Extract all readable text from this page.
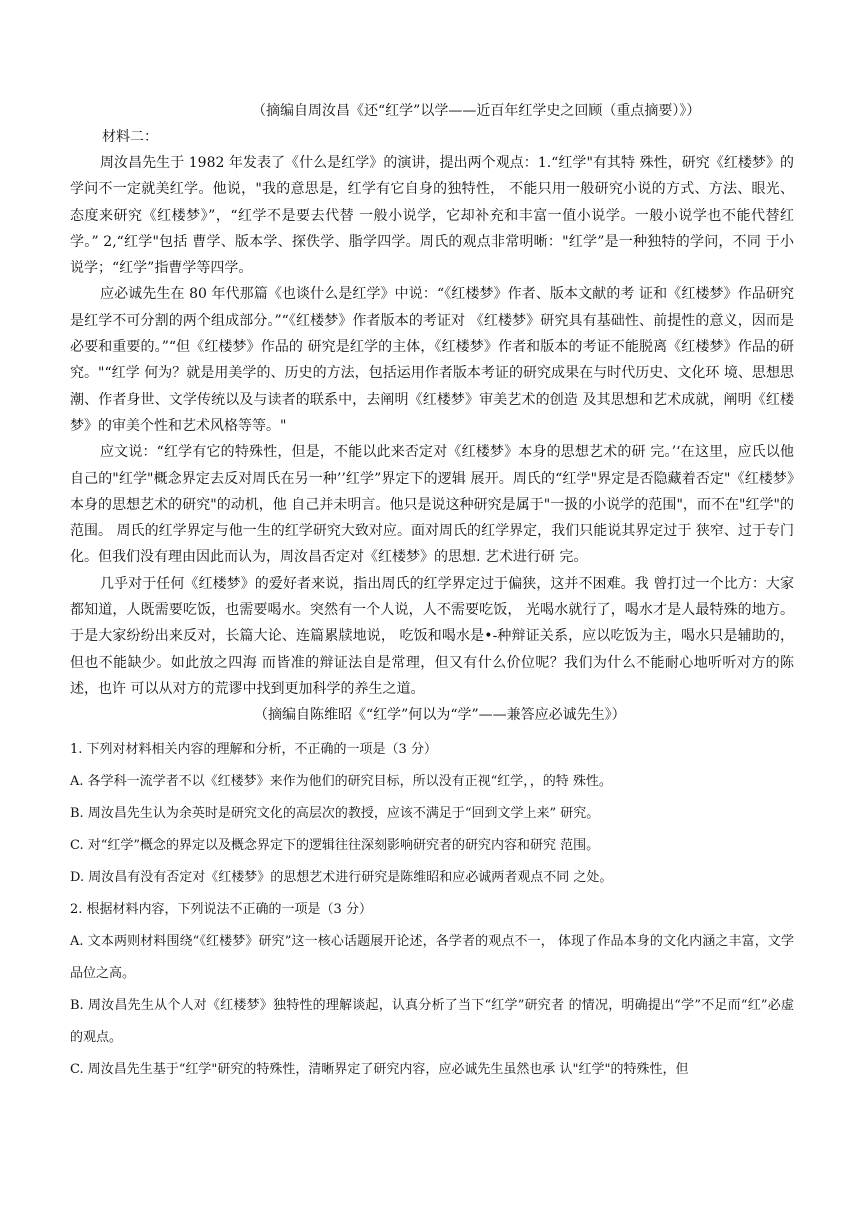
（摘编自周汝昌《还“红学”以学——近百年红学史之回顾（重点摘要）》）
材料二：

周汝昌先生于 1982 年发表了《什么是红学》的演讲，提出两个观点：1.“红学"有其特 殊性，研究《红楼梦》的学问不一定就美红学。他说，"我的意思是，红学有它自身的独特性， 不能只用一般研究小说的方式、方法、眼光、态度来研究《红楼梦》”，“红学不是要去代替 一般小说学，它却补充和丰富一值小说学。一般小说学也不能代替红学。” 2,“红学"包括 曹学、版本学、探佚学、脂学四学。周氏的观点非常明晰："红学”是一种独特的学问，不同 于小说学；“红学”指曹学等四学。

应必诚先生在 80 年代那篇《也谈什么是红学》中说：“《红楼梦》作者、版本文献的考 证和《红楼梦》作品研究是红学不可分割的两个组成部分。”“《红楼梦》作者版本的考证对 《红楼梦》研究具有基础性、前提性的意义，因而是必要和重要的。”“但《红楼梦》作品的 研究是红学的主体，《红楼梦》作者和版本的考证不能脱离《红楼梦》作品的研究。"“红学 何为？就是用美学的、历史的方法，包括运用作者版本考证的研究成果在与时代历史、文化环 境、思想思潮、作者身世、文学传统以及与读者的联系中，去阐明《红楼梦》审美艺术的创造 及其思想和艺术成就，阐明《红楼梦》的审美个性和艺术风格等等。"

应文说：“红学有它的特殊性，但是，不能以此来否定对《红楼梦》本身的思想艺术的研 完。’‘在这里，应氏以他自己的"红学"概念界定去反对周氏在另一种’’红学”界定下的逻辑 展开。周氏的“红学"界定是否隐藏着否定"《红楼梦》本身的思想艺术的研究"的动机，他 自己并未明言。他只是说这种研究是属于"一扱的小说学的范围"，而不在"红学"的范围。 周氏的红学界定与他一生的红学研究大致对应。面对周氏的红学界定，我们只能说其界定过于 狭窄、过于专门化。但我们没有理由因此而认为，周汝昌否定对《红楼梦》的思想. 艺术进行研 完。

几乎对于任何《红楼梦》的爱好者来说，指出周氏的红学界定过于偏狭，这并不困难。我 曾打过一个比方：大家都知道，人既需要吃饭，也需要喝水。突然有一个人说，人不需要吃饭， 光喝水就行了，喝水才是人最特殊的地方。于是大家纷纷出来反对，长篇大论、连篇累牍地说， 吃饭和喝水是•-种辩证关系，应以吃饭为主，喝水只是辅助的，但也不能缺少。如此放之四海 而皆准的辩证法自是常理，但又有什么价位呢？我们为什么不能耐心地听听对方的陈述，也许 可以从对方的荒谬中找到更加科学的养生之道。

（摘编自陈维昭《“红学”何以为“学”——兼答应必诚先生》）

1. 下列对材料相关内容的理解和分析，不正确的一项是（3 分）

A. 各学科一流学者不以《红楼梦》来作为他们的研究目标，所以没有正视“红学，，的特 殊性。

B. 周汝昌先生认为余英时是研究文化的高层次的教授，应该不满足于“回到文学上来” 研究。

C. 对“红学”概念的界定以及概念界定下的逻辑往往深刻影响研究者的研究内容和研究 范围。

D. 周汝昌有没有否定对《红楼梦》的思想艺术进行研究是陈维昭和应必诚两者观点不同 之处。

2. 根据材料内容，下列说法不正确的一项是（3 分）

A. 文本两则材料围绕“《红楼梦》研究”这一核心话题展开论述，各学者的观点不一， 体现了作品本身的文化内涵之丰富，文学品位之高。

B. 周汝昌先生从个人对《红楼梦》独特性的理解谈起，认真分析了当下“红学”研究者 的情况，明确提出“学”不足而“红”必虚的观点。

C. 周汝昌先生基于“红学"研究的特殊性，清晰界定了研究内容，应必诚先生虽然也承 认"红学"的特殊性，但
